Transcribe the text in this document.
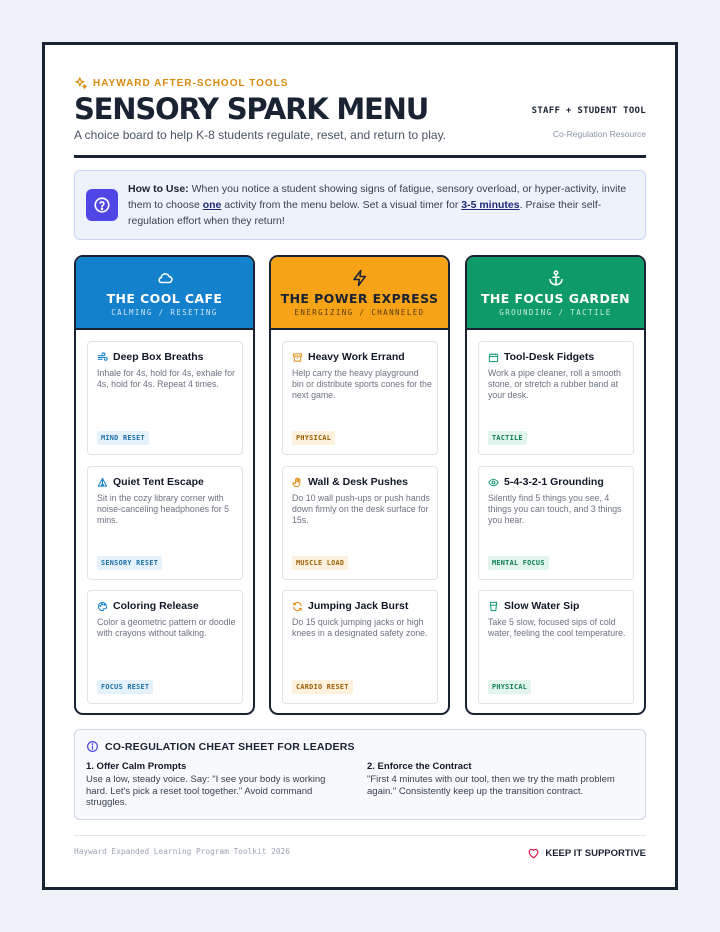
HAYWARD AFTER-SCHOOL TOOLS
SENSORY SPARK MENU
A choice board to help K-8 students regulate, reset, and return to play.
STAFF + STUDENT TOOL
Co-Regulation Resource

How to Use: When you notice a student showing signs of fatigue, sensory overload, or hyper-activity, invite them to choose one activity from the menu below. Set a visual timer for 3-5 minutes. Praise their self-regulation effort when they return!

THE COOL CAFE
CALMING / RESETING
Deep Box Breaths
Inhale for 4s, hold for 4s, exhale for 4s, hold for 4s. Repeat 4 times.
MIND RESET
Quiet Tent Escape
Sit in the cozy library corner with noise-canceling headphones for 5 mins.
SENSORY RESET
Coloring Release
Color a geometric pattern or doodle with crayons without talking.
FOCUS RESET
THE POWER EXPRESS
ENERGIZING / CHANNELED
Heavy Work Errand
Help carry the heavy playground bin or distribute sports cones for the next game.
PHYSICAL
Wall & Desk Pushes
Do 10 wall push-ups or push hands down firmly on the desk surface for 15s.
MUSCLE LOAD
Jumping Jack Burst
Do 15 quick jumping jacks or high knees in a designated safety zone.
CARDIO RESET
THE FOCUS GARDEN
GROUNDING / TACTILE
Tool-Desk Fidgets
Work a pipe cleaner, roll a smooth stone, or stretch a rubber band at your desk.
TACTILE
5-4-3-2-1 Grounding
Silently find 5 things you see, 4 things you can touch, and 3 things you hear.
MENTAL FOCUS
Slow Water Sip
Take 5 slow, focused sips of cold water, feeling the cool temperature.
PHYSICAL
CO-REGULATION CHEAT SHEET FOR LEADERS
1. Offer Calm Prompts
Use a low, steady voice. Say: "I see your body is working hard. Let's pick a reset tool together." Avoid command struggles.
2. Enforce the Contract
"First 4 minutes with our tool, then we try the math problem again." Consistently keep up the transition contract.
Hayward Expanded Learning Program Toolkit 2026	KEEP IT SUPPORTIVE
